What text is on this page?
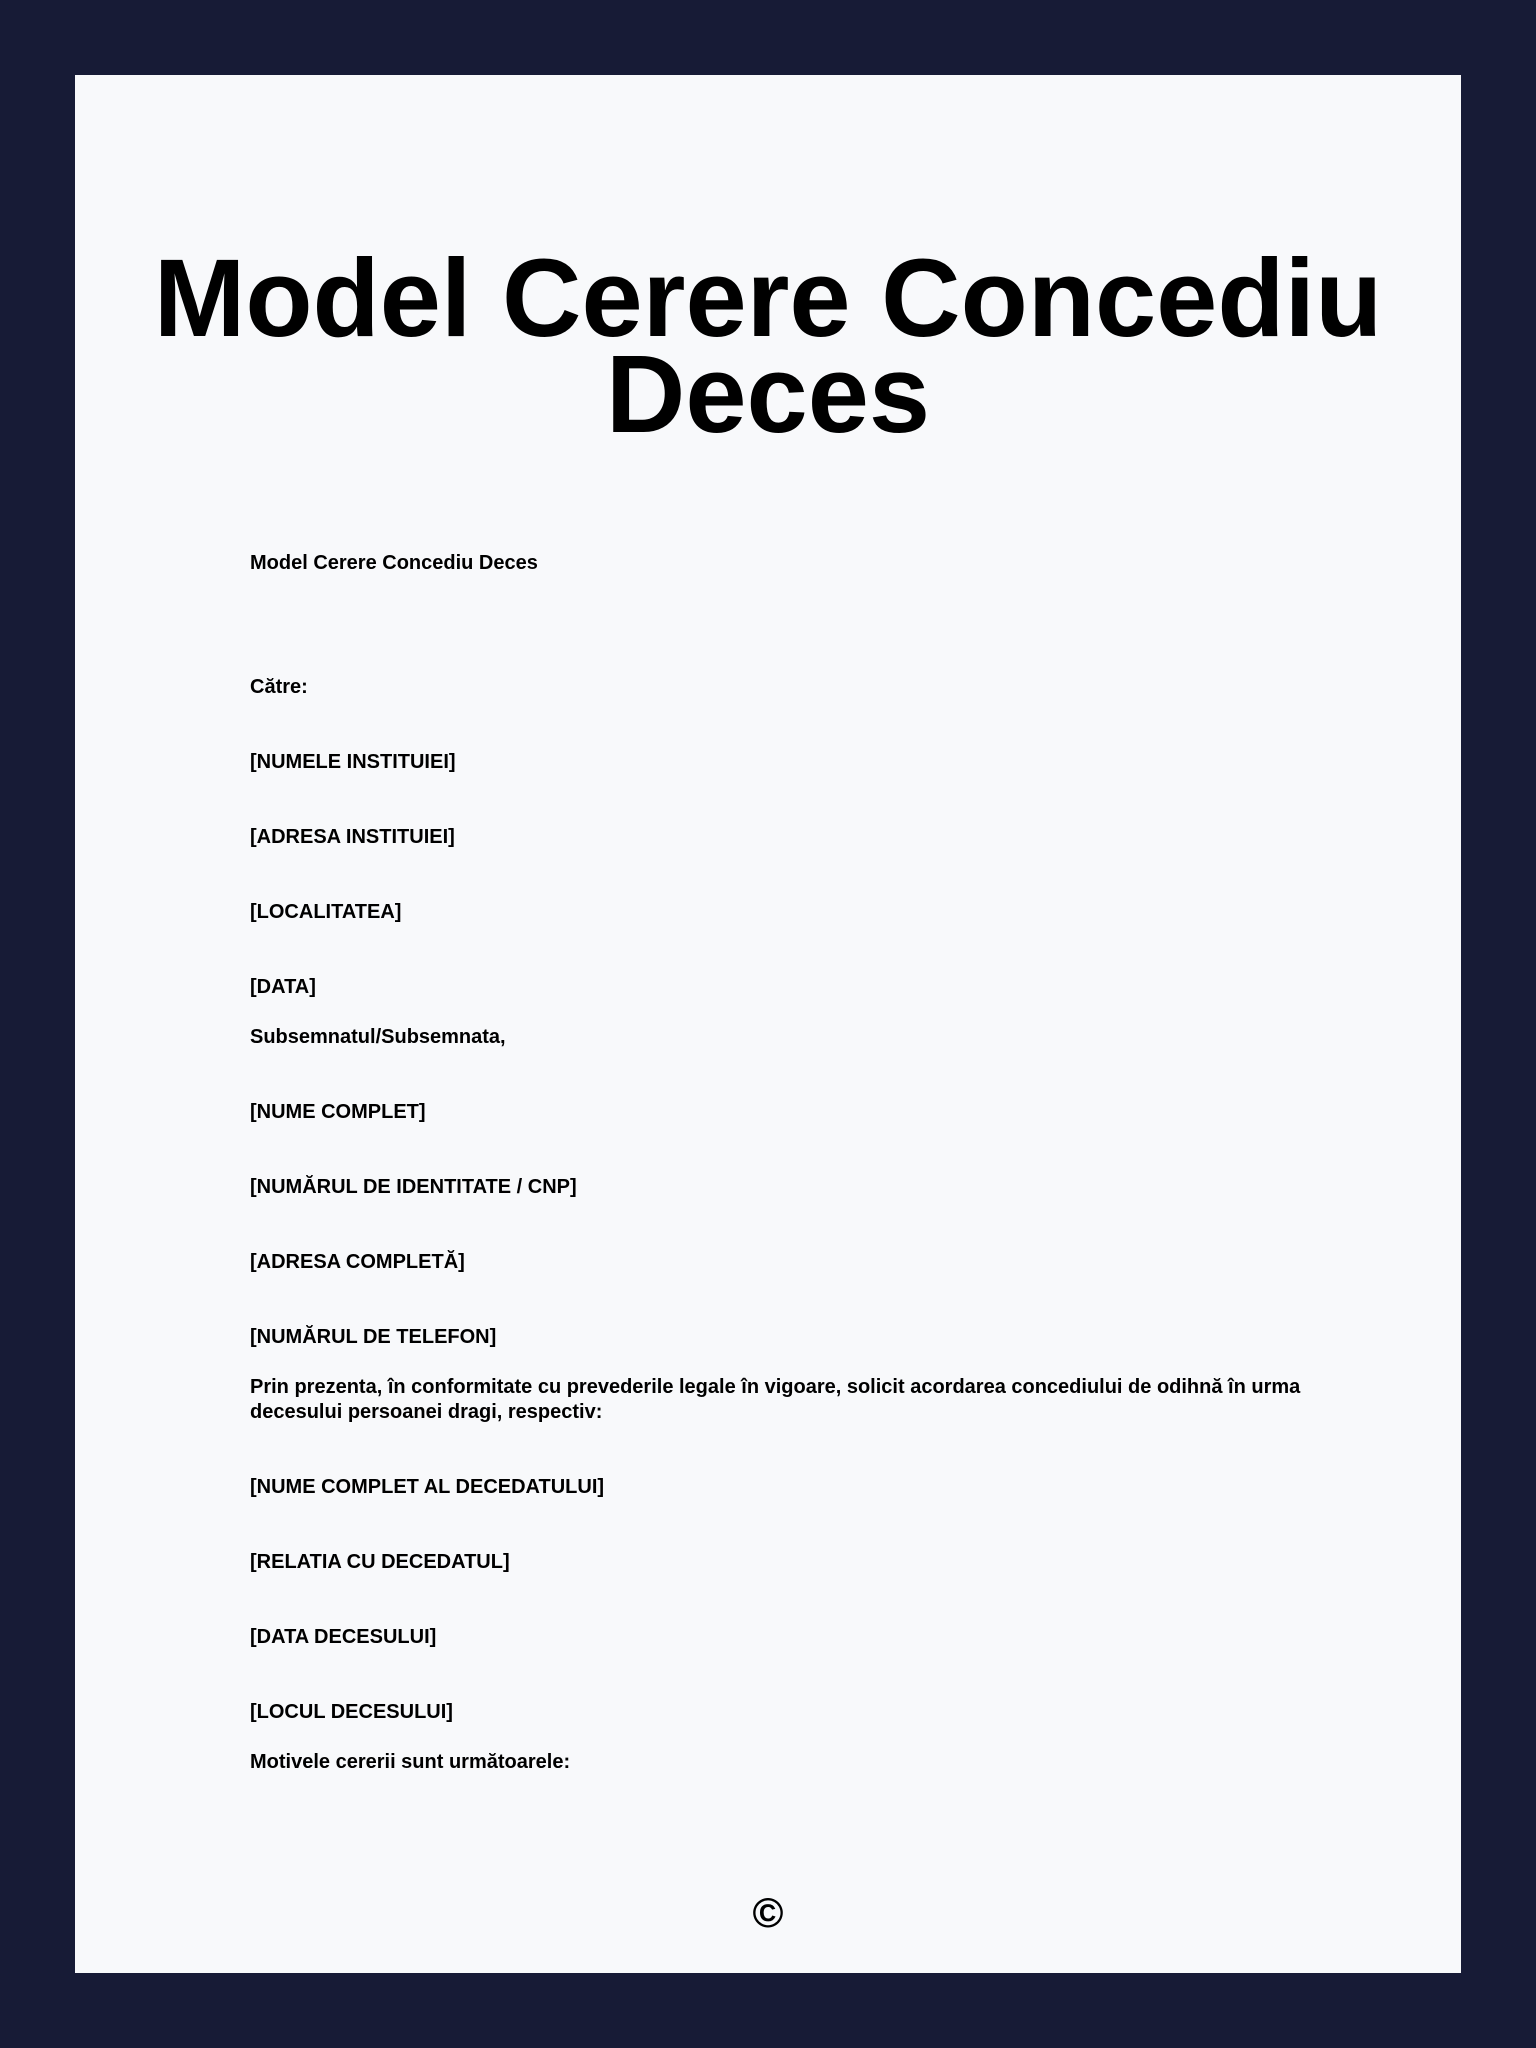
Model Cerere Concediu Deces

Model Cerere Concediu Deces

Către:

[NUMELE INSTITUIEI]

[ADRESA INSTITUIEI]

[LOCALITATEA]

[DATA]

Subsemnatul/Subsemnata,

[NUME COMPLET]

[NUMĂRUL DE IDENTITATE / CNP]

[ADRESA COMPLETĂ]

[NUMĂRUL DE TELEFON]

Prin prezenta, în conformitate cu prevederile legale în vigoare, solicit acordarea concediului de odihnă în urma decesului persoanei dragi, respectiv:

[NUME COMPLET AL DECEDATULUI]

[RELATIA CU DECEDATUL]

[DATA DECESULUI]

[LOCUL DECESULUI]

Motivele cererii sunt următoarele:

©
